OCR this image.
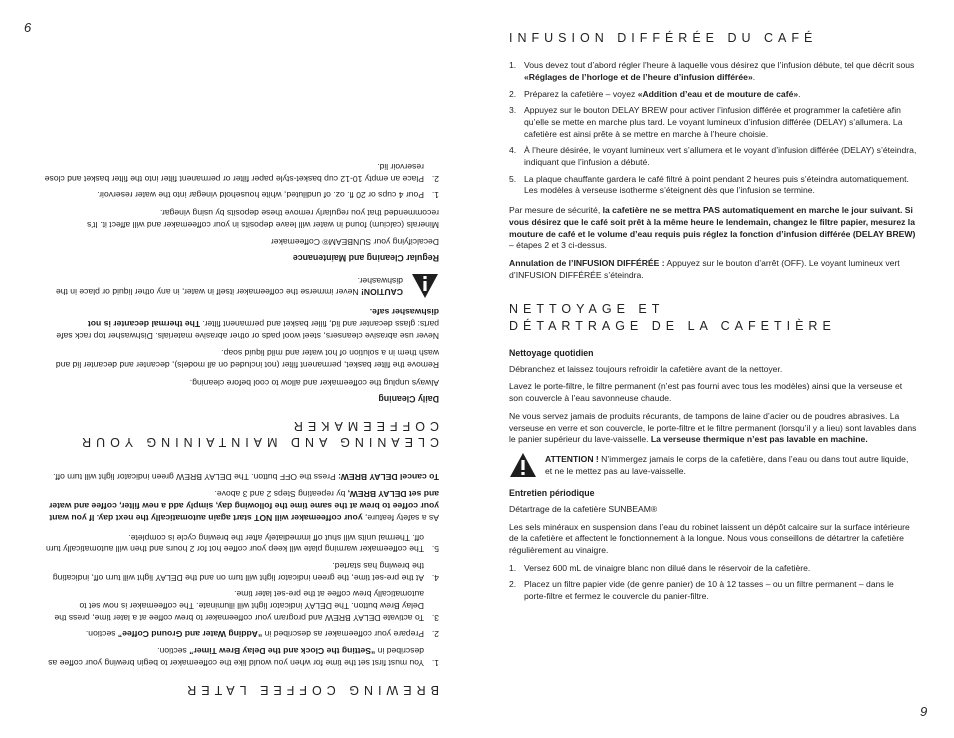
6
9
BREWING COFFEE LATER
1.
You must first set the time for when you would like the coffeemaker to begin brewing your coffee as described in “Setting the Clock and the Delay Brew Timer” section.
2.
Prepare your coffeemaker as described in “Adding Water and Ground Coffee” section.
3.
To activate DELAY BREW and program your coffeemaker to brew coffee at a later time, press the Delay Brew button. The DELAY indicator light will illuminate. The coffeemaker is now set to automatically brew coffee at the pre-set later time.
4.
At the pre-set time, the green indicator light will turn on and the DELAY light will turn off, indicating the brewing has started.
5.
The coffeemaker warming plate will keep your coffee hot for 2 hours and then will automatically turn off. Thermal units will shut off immediately after the brewing cycle is complete.

As a safety feature, your coffeemaker will NOT start again automatically the next day. If you want your coffee to brew at the same time the following day, simply add a new filter, coffee and water and set DELAY BREW, by repeating Steps 2 and 3 above.

To cancel DELAY BREW: Press the OFF button. The DELAY BREW green indicator light will turn off.

CLEANING AND MAINTAINING YOUR COFFEEMAKER
Daily Cleaning

Always unplug the coffeemaker and allow to cool before cleaning.

Remove the filter basket, permanent filter (not included on all models), decanter and decanter lid and wash them in a solution of hot water and mild liquid soap.

Never use abrasive cleansers, steel wool pads or other abrasive materials. Dishwasher top rack safe parts: glass decanter and lid, filler basket and permanent filter. The thermal decanter is not dishwasher safe.

CAUTION! Never immerse the coffeemaker itself in water, in any other liquid or place in the dishwasher.

Regular Cleaning and Maintenance

Decalcifying your SUNBEAM® Coffeemaker

Minerals (calcium) found in water will leave deposits in your coffeemaker and will affect it. It's recommended that you regularly remove these deposits by using vinegar.

1.
Pour 4 cups or 20 fl. oz. of undiluted, white household vinegar into the water reservoir.
2.
Place an empty 10-12 cup basket-style paper filter or permanent filter into the filter basket and close reservoir lid.
INFUSION DIFFÉRÉE DU CAFÉ
1. Vous devez tout d’abord régler l’heure à laquelle vous désirez que l’infusion débute, tel que décrit sous «Réglages de l’horloge et de l’heure d’infusion différée».
2. Préparez la cafetière – voyez «Addition d’eau et de mouture de café».
3. Appuyez sur le bouton DELAY BREW pour activer l’infusion différée et programmer la cafetière afin qu’elle se mette en marche plus tard. Le voyant lumineux d’infusion différée (DELAY) s’allumera. La cafetière est ainsi prête à se mettre en marche à l’heure choisie.
4. À l’heure désirée, le voyant lumineux vert s’allumera et le voyant d’infusion différée (DELAY) s’éteindra, indiquant que l’infusion a débuté.
5. La plaque chauffante gardera le café filtré à point pendant 2 heures puis s’éteindra automatiquement. Les modèles à verseuse isotherme s’éteignent dès que l’infusion se termine.

Par mesure de sécurité, la cafetière ne se mettra PAS automatiquement en marche le jour suivant. Si vous désirez que le café soit prêt à la même heure le lendemain, changez le filtre papier, mesurez la mouture de café et le volume d’eau requis puis réglez la fonction d’infusion différée (DELAY BREW) – étapes 2 et 3 ci-dessus.

Annulation de l’INFUSION DIFFÉRÉE : Appuyez sur le bouton d’arrêt (OFF). Le voyant lumineux vert d’INFUSION DIFFÉRÉE s’éteindra.

NETTOYAGE ET
DÉTARTRAGE DE LA CAFETIÈRE
Nettoyage quotidien

Débranchez et laissez toujours refroidir la cafetière avant de la nettoyer.

Lavez le porte-filtre, le filtre permanent (n’est pas fourni avec tous les modèles) ainsi que la verseuse et son couvercle à l’eau savonneuse chaude.

Ne vous servez jamais de produits récurants, de tampons de laine d’acier ou de poudres abrasives. La verseuse en verre et son couvercle, le porte-filtre et le filtre permanent (lorsqu’il y a lieu) sont lavables dans le panier supérieur du lave-vaisselle. La verseuse thermique n’est pas lavable en machine.

ATTENTION ! N’immergez jamais le corps de la cafetière, dans l’eau ou dans tout autre liquide, et ne le mettez pas au lave-vaisselle.

Entretien périodique

Détartrage de la cafetière SUNBEAM®

Les sels minéraux en suspension dans l’eau du robinet laissent un dépôt calcaire sur la surface intérieure de la cafetière et affectent le fonctionnement à la longue. Nous vous conseillons de détartrer la cafetière régulièrement au vinaigre.

1. Versez 600 mL de vinaigre blanc non dilué dans le réservoir de la cafetière.
2. Placez un filtre papier vide (de genre panier) de 10 à 12 tasses – ou un filtre permanent – dans le porte-filtre et fermez le couvercle du panier-filtre.
